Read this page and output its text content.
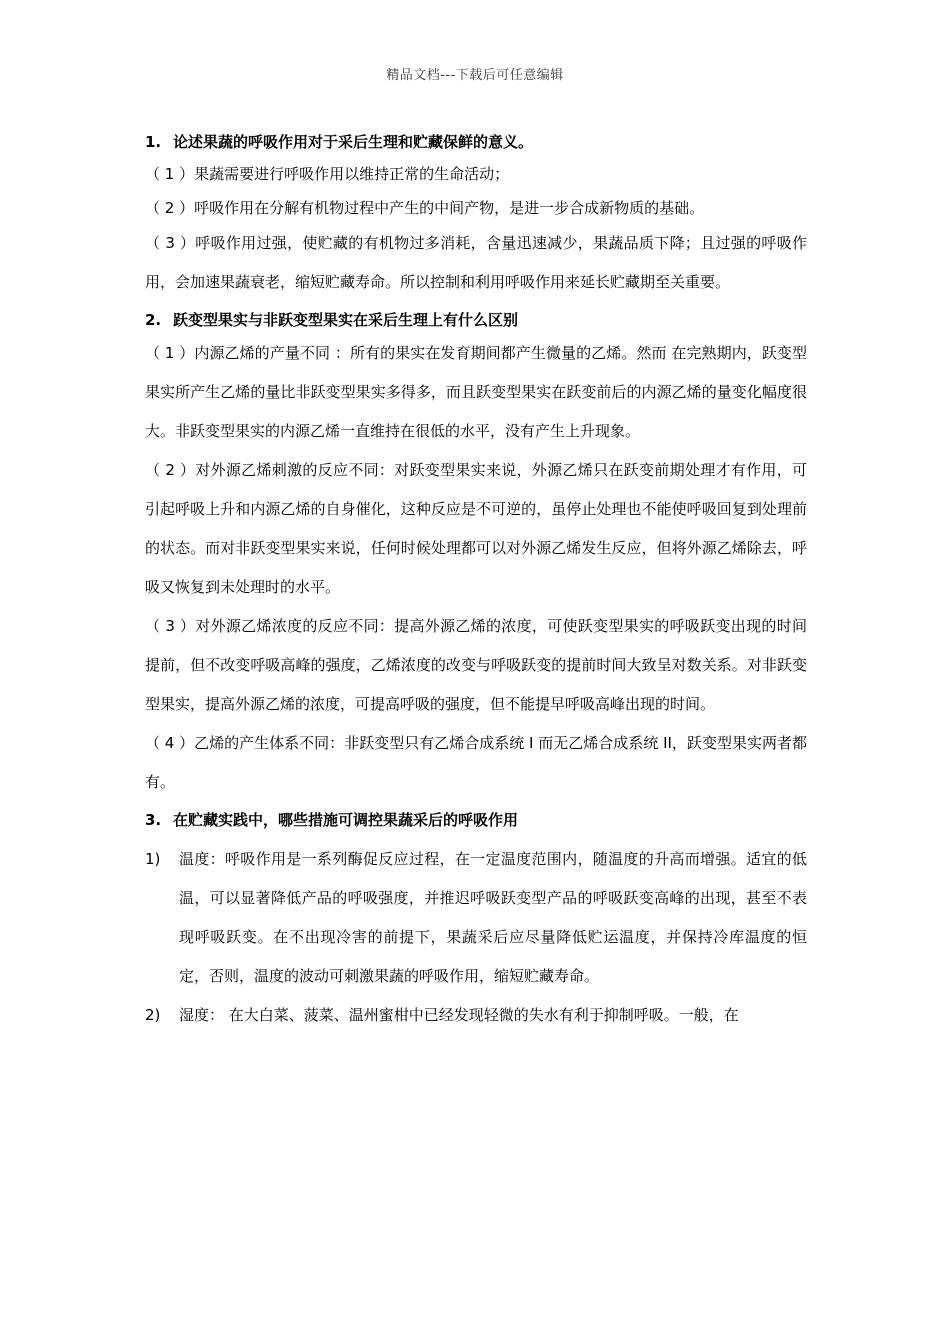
精品文档---下载后可任意编辑
1. 论述果蔬的呼吸作用对于采后生理和贮藏保鲜的意义。

（ 1 ）果蔬需要进行呼吸作用以维持正常的生命活动；

（ 2 ）呼吸作用在分解有机物过程中产生的中间产物，是进一步合成新物质的基础。

（ 3 ）呼吸作用过强，使贮藏的有机物过多消耗，含量迅速减少，果蔬品质下降；且过强的呼吸作用，会加速果蔬衰老，缩短贮藏寿命。所以控制和利用呼吸作用来延长贮藏期至关重要。

2. 跃变型果实与非跃变型果实在采后生理上有什么区别

（ 1 ）内源乙烯的产量不同 ：所有的果实在发育期间都产生微量的乙烯。然而 在完熟期内，跃变型果实所产生乙烯的量比非跃变型果实多得多，而且跃变型果实在跃变前后的内源乙烯的量变化幅度很大。非跃变型果实的内源乙烯一直维持在很低的水平，没有产生上升现象。

（ 2 ）对外源乙烯刺激的反应不同：对跃变型果实来说，外源乙烯只在跃变前期处理才有作用，可引起呼吸上升和内源乙烯的自身催化，这种反应是不可逆的，虽停止处理也不能使呼吸回复到处理前的状态。而对非跃变型果实来说，任何时候处理都可以对外源乙烯发生反应，但将外源乙烯除去，呼吸又恢复到未处理时的水平。

（ 3 ）对外源乙烯浓度的反应不同：提高外源乙烯的浓度，可使跃变型果实的呼吸跃变出现的时间提前，但不改变呼吸高峰的强度，乙烯浓度的改变与呼吸跃变的提前时间大致呈对数关系。对非跃变型果实，提高外源乙烯的浓度，可提高呼吸的强度，但不能提早呼吸高峰出现的时间。

（ 4 ）乙烯的产生体系不同：非跃变型只有乙烯合成系统 I 而无乙烯合成系统 II，跃变型果实两者都有。

3. 在贮藏实践中，哪些措施可调控果蔬采后的呼吸作用
1) 温度：呼吸作用是一系列酶促反应过程，在一定温度范围内，随温度的升高而增强。适宜的低温，可以显著降低产品的呼吸强度，并推迟呼吸跃变型产品的呼吸跃变高峰的出现，甚至不表现呼吸跃变。在不出现冷害的前提下，果蔬采后应尽量降低贮运温度，并保持冷库温度的恒定，否则，温度的波动可刺激果蔬的呼吸作用，缩短贮藏寿命。
2) 湿度： 在大白菜、菠菜、温州蜜柑中已经发现轻微的失水有利于抑制呼吸。一般，在
